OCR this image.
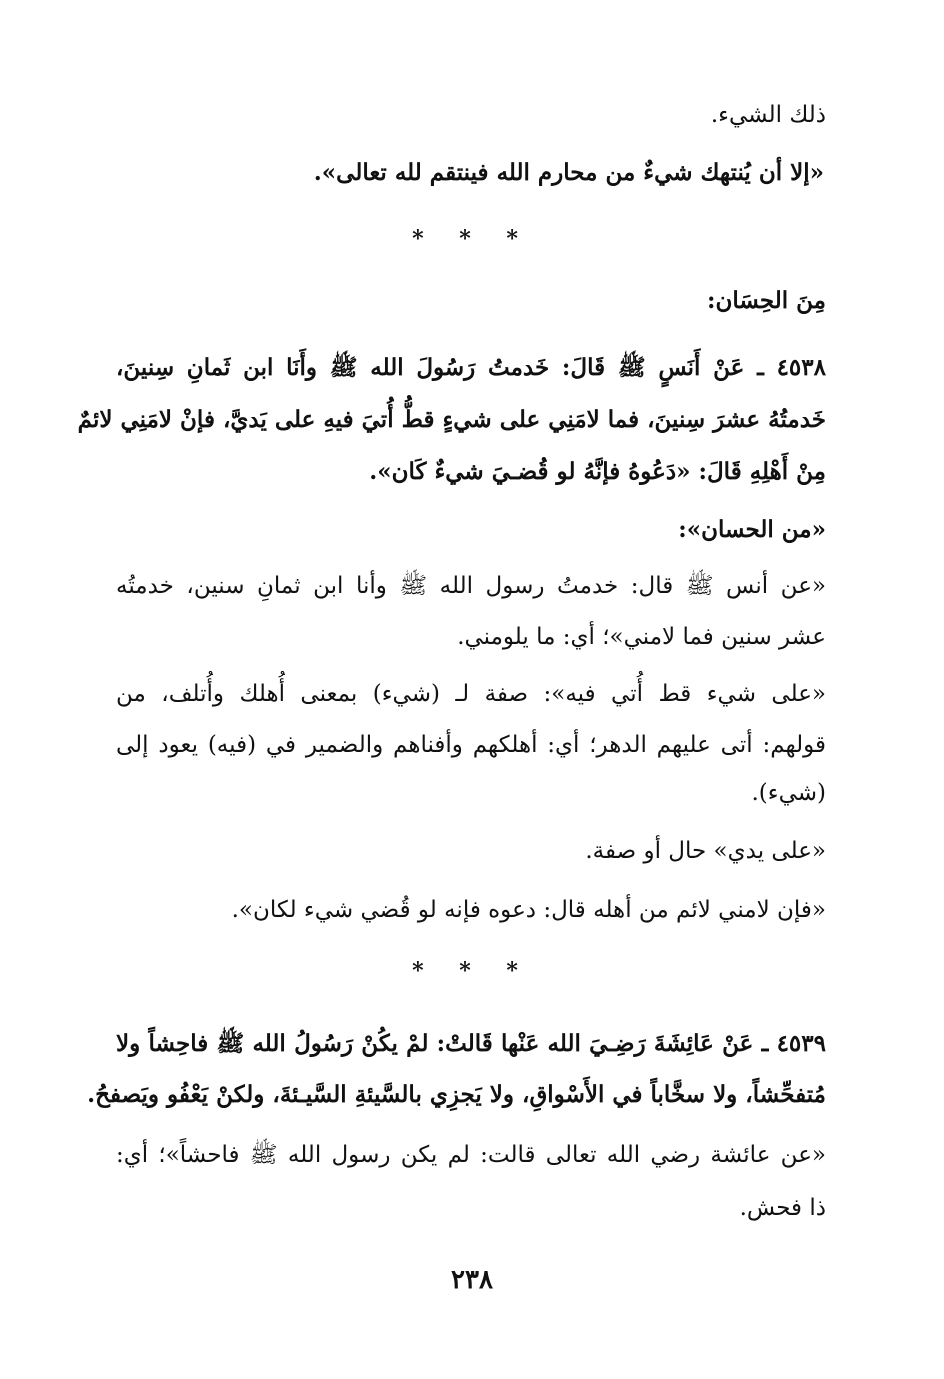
ذلك الشيء.
«إلا أن يُنتهك شيءٌ من محارم الله فينتقم لله تعالى».
* * *
مِنَ الحِسَان:
٤٥٣٨ ـ عَنْ أَنَسٍ ﷺ قَالَ: خَدمتُ رَسُولَ الله ﷺ وأَنَا ابن ثَمانِ سِنينَ،
خَدمتُهُ عشرَ سِنينَ، فما لامَنِي على شيءٍ قطُّ أُتيَ فيهِ على يَديَّ، فإنْ لامَنِي لائمٌ
مِنْ أَهْلِهِ قَالَ: «دَعُوهُ فإنَّهُ لو قُضـيَ شيءٌ كَان».
«من الحسان»:
«عن أنس ﷺ قال: خدمتُ رسول الله ﷺ وأنا ابن ثمانِ سنين، خدمتُه
عشر سنين فما لامني»؛ أي: ما يلومني.
«على شيء قط أُتي فيه»: صفة لـ (شيء) بمعنى أُهلك وأُتلف، من
قولهم: أتى عليهم الدهر؛ أي: أهلكهم وأفناهم والضمير في (فيه) يعود إلى
(شيء).
«على يدي» حال أو صفة.
«فإن لامني لائم من أهله قال: دعوه فإنه لو قُضي شيء لكان».
* * *
٤٥٣٩ ـ عَنْ عَائِشَةَ رَضِـيَ الله عَنْها قَالتْ: لمْ يكُنْ رَسُولُ الله ﷺ فاحِشاً ولا
مُتفحِّشاً، ولا سخَّاباً في الأَسْواقِ، ولا يَجزِي بالسَّيئةِ السَّيـئةَ، ولكنْ يَعْفُو ويَصفحُ.
«عن عائشة رضي الله تعالى قالت: لم يكن رسول الله ﷺ فاحشاً»؛ أي:
ذا فحش.
٢٣٨
